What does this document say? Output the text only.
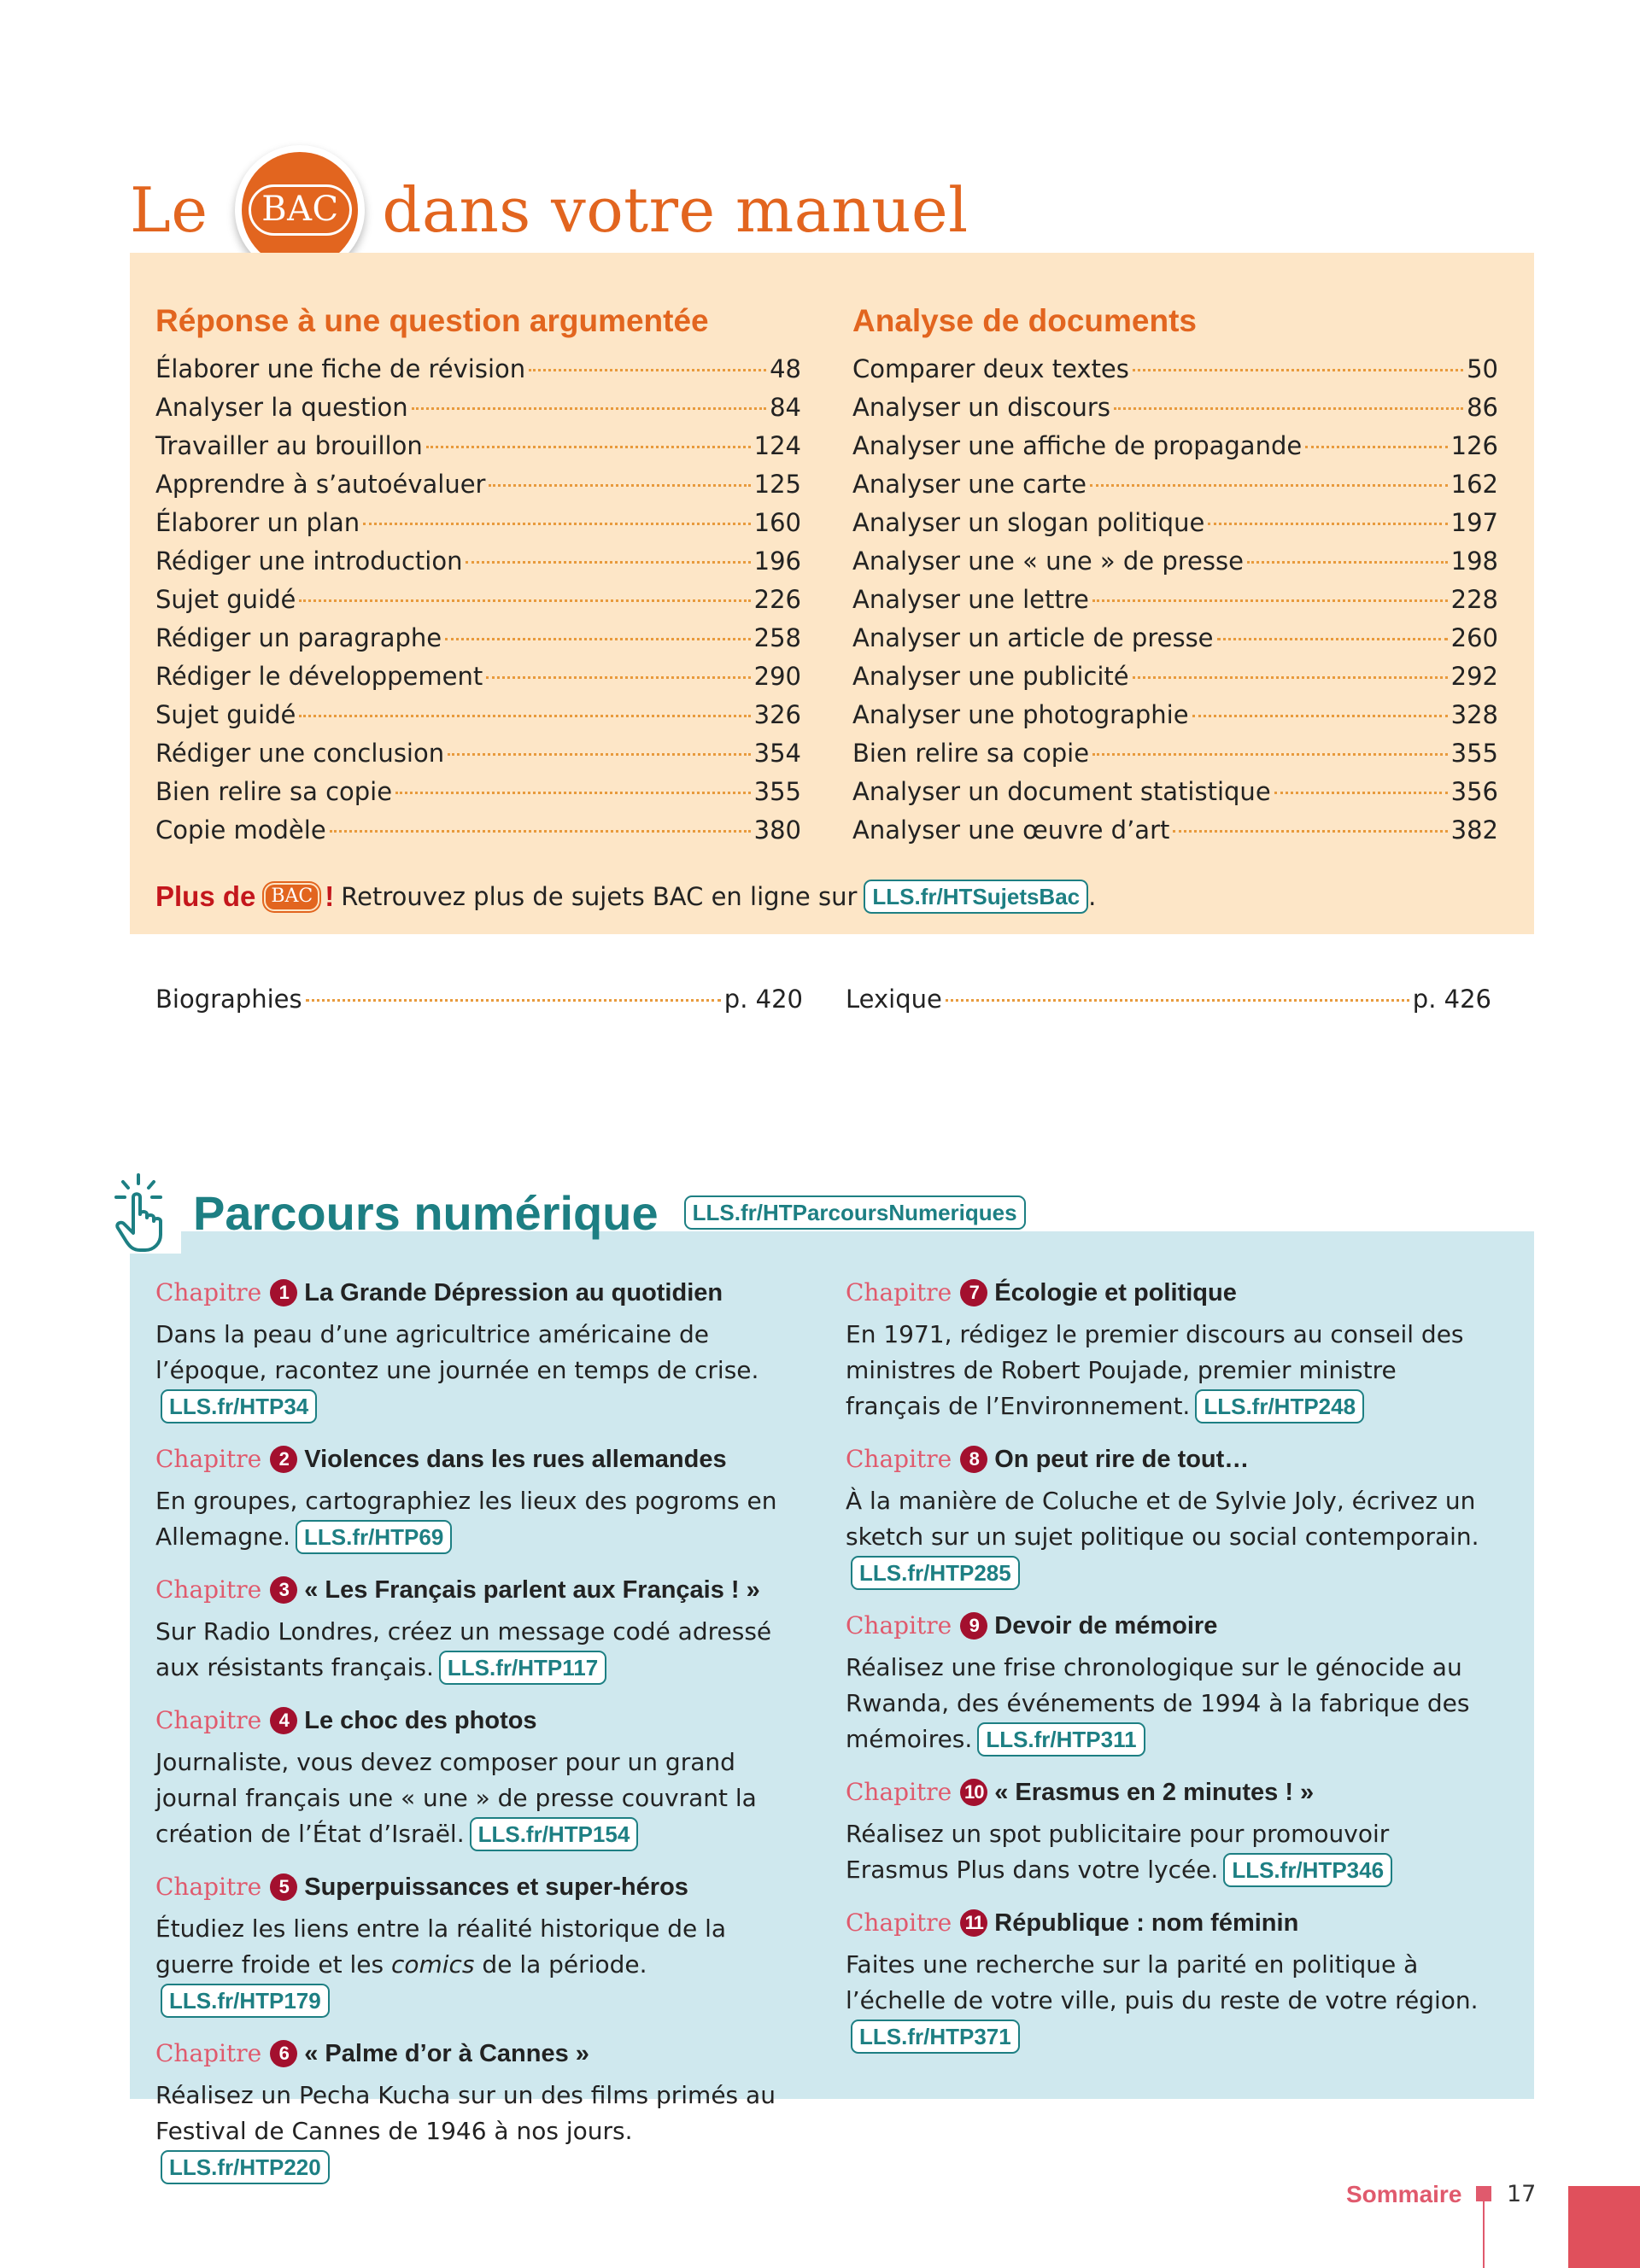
Le	BAC dans votre manuel
Réponse à une question argumentée
Élaborer une fiche de révision	48
Analyser la question	84
Travailler au brouillon	124
Apprendre à s’autoévaluer	125
Élaborer un plan	160
Rédiger une introduction	196
Sujet guidé	226
Rédiger un paragraphe	258
Rédiger le développement	290
Sujet guidé	326
Rédiger une conclusion	354
Bien relire sa copie	355
Copie modèle	380
Analyse de documents
Comparer deux textes	50
Analyser un discours	86
Analyser une affiche de propagande	126
Analyser une carte	162
Analyser un slogan politique	197
Analyser une « une » de presse	198
Analyser une lettre	228
Analyser un article de presse	260
Analyser une publicité	292
Analyser une photographie	328
Bien relire sa copie	355
Analyser un document statistique	356
Analyser une œuvre d’art	382
Plus de BAC ! Retrouvez plus de sujets BAC en ligne sur LLS.fr/HTSujetsBac .
Biographies	p. 420 Lexique	p. 426
Chapitre 1 La Grande Dépression au quotidien
Dans la peau d’une agricultrice américaine de l’époque, racontez une journée en temps de crise.LLS.fr/HTP34
Chapitre 2 Violences dans les rues allemandes
En groupes, cartographiez les lieux des pogroms en Allemagne. LLS.fr/HTP69
Chapitre 3 « Les Français parlent aux Français ! »
Sur Radio Londres, créez un message codé adressé aux résistants français. LLS.fr/HTP117
Chapitre 4 Le choc des photos
Journaliste, vous devez composer pour un grand journal français une « une » de presse couvrant la création de l’État d’Israël. LLS.fr/HTP154
Chapitre 5 Superpuissances et super-héros
Étudiez les liens entre la réalité historique de la guerre froide et les comics de la période.LLS.fr/HTP179
Chapitre 6 « Palme d’or à Cannes »
Réalisez un Pecha Kucha sur un des films primés au Festival de Cannes de 1946 à nos jours.LLS.fr/HTP220
Chapitre 7 Écologie et politique
En 1971, rédigez le premier discours au conseil des ministres de Robert Poujade, premier ministre français de l’Environnement. LLS.fr/HTP248
Chapitre 8 On peut rire de tout…
À la manière de Coluche et de Sylvie Joly, écrivez un sketch sur un sujet politique ou social contemporain.LLS.fr/HTP285
Chapitre 9 Devoir de mémoire
Réalisez une frise chronologique sur le génocide au Rwanda, des événements de 1994 à la fabrique des mémoires. LLS.fr/HTP311
Chapitre 10 « Erasmus en 2 minutes ! »
Réalisez un spot publicitaire pour promouvoir Erasmus Plus dans votre lycée. LLS.fr/HTP346
Chapitre 11 République : nom féminin
Faites une recherche sur la parité en politique à l’échelle de votre ville, puis du reste de votre région.LLS.fr/HTP371
Parcours numérique	LLS.fr/HTParcoursNumeriques
Sommaire 17
